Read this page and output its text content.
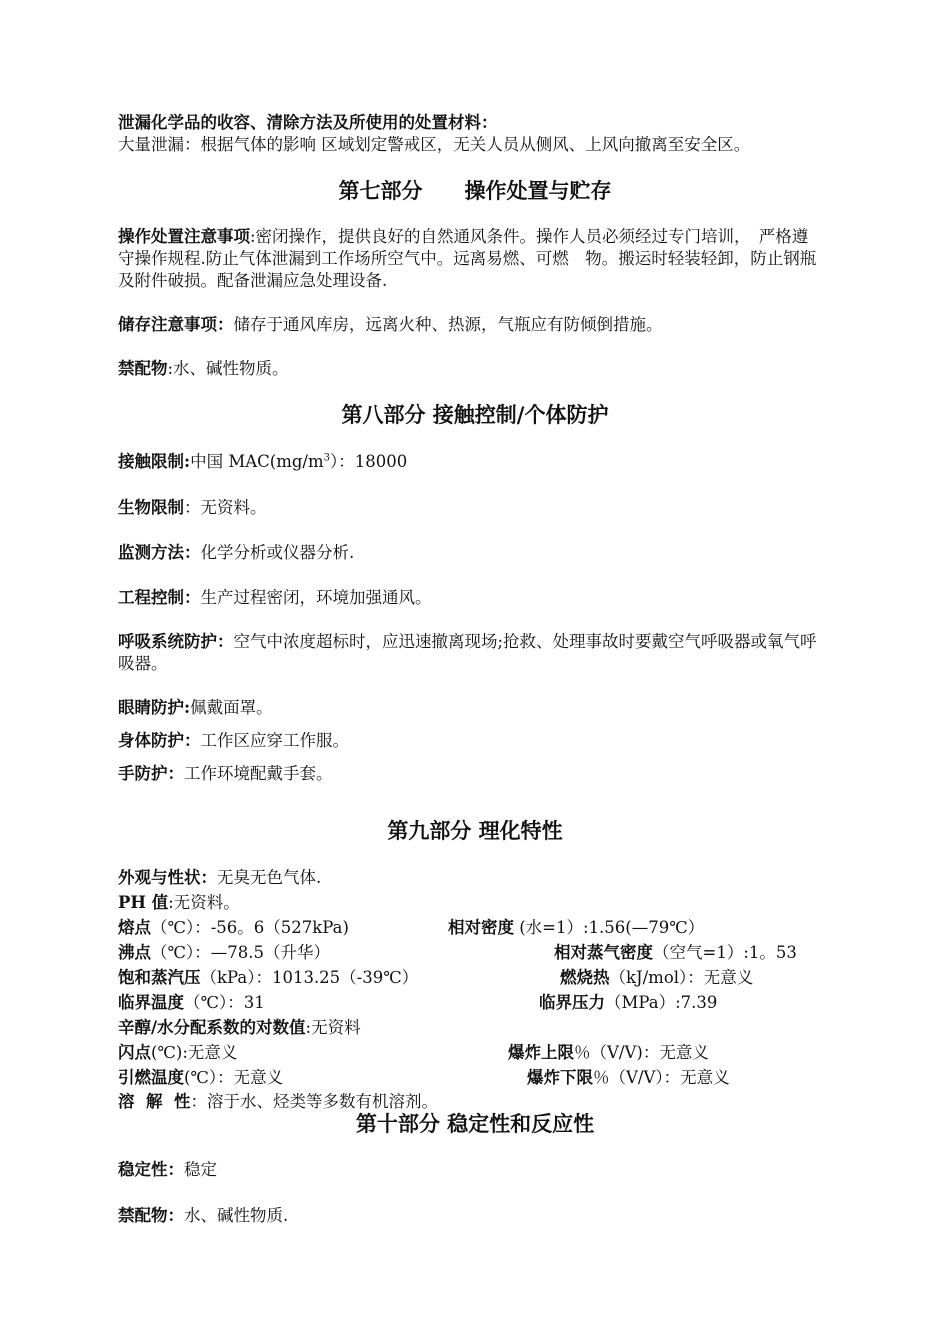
泄漏化学品的收容、清除方法及所使用的处置材料：
大量泄漏：根据气体的影响 区域划定警戒区，无关人员从侧风、上风向撤离至安全区。
第七部分　　操作处置与贮存
操作处置注意事项:密闭操作，提供良好的自然通风条件。操作人员必须经过专门培训，　严格遵守操作规程.防止气体泄漏到工作场所空气中。远离易燃、可燃　物。搬运时轻装轻卸，防止钢瓶及附件破损。配备泄漏应急处理设备.
储存注意事项：储存于通风库房，远离火种、热源，气瓶应有防倾倒措施。
禁配物:水、碱性物质。
第八部分 接触控制/个体防护
接触限制:中国 $MAC(mg/m^3)$：18000
生物限制：无资料。
监测方法：化学分析或仪器分析.
工程控制：生产过程密闭，环境加强通风。
呼吸系统防护：空气中浓度超标时，应迅速撤离现场;抢救、处理事故时要戴空气呼吸器或氧气呼吸器。
眼睛防护:佩戴面罩。
身体防护：工作区应穿工作服。
手防护：工作环境配戴手套。
第九部分 理化特性
外观与性状：无臭无色气体.
PH 值:无资料。
熔点（℃）：-56。6（527kPa)	相对密度 (水=1）:1.56(—79℃）
沸点（℃）：—78.5（升华）	相对蒸气密度（空气=1）:1。53
饱和蒸汽压（kPa）：1013.25（-39℃）	燃烧热（kJ/mol）：无意义
临界温度（℃）：31	临界压力（MPa）:7.39
辛醇/水分配系数的对数值:无资料
闪点(℃):无意义	爆炸上限％（V/V)：无意义
引燃温度(℃）：无意义	爆炸下限％（V/V）：无意义
溶  解  性：溶于水、烃类等多数有机溶剂。
第十部分 稳定性和反应性
稳定性：稳定
禁配物：水、碱性物质.
